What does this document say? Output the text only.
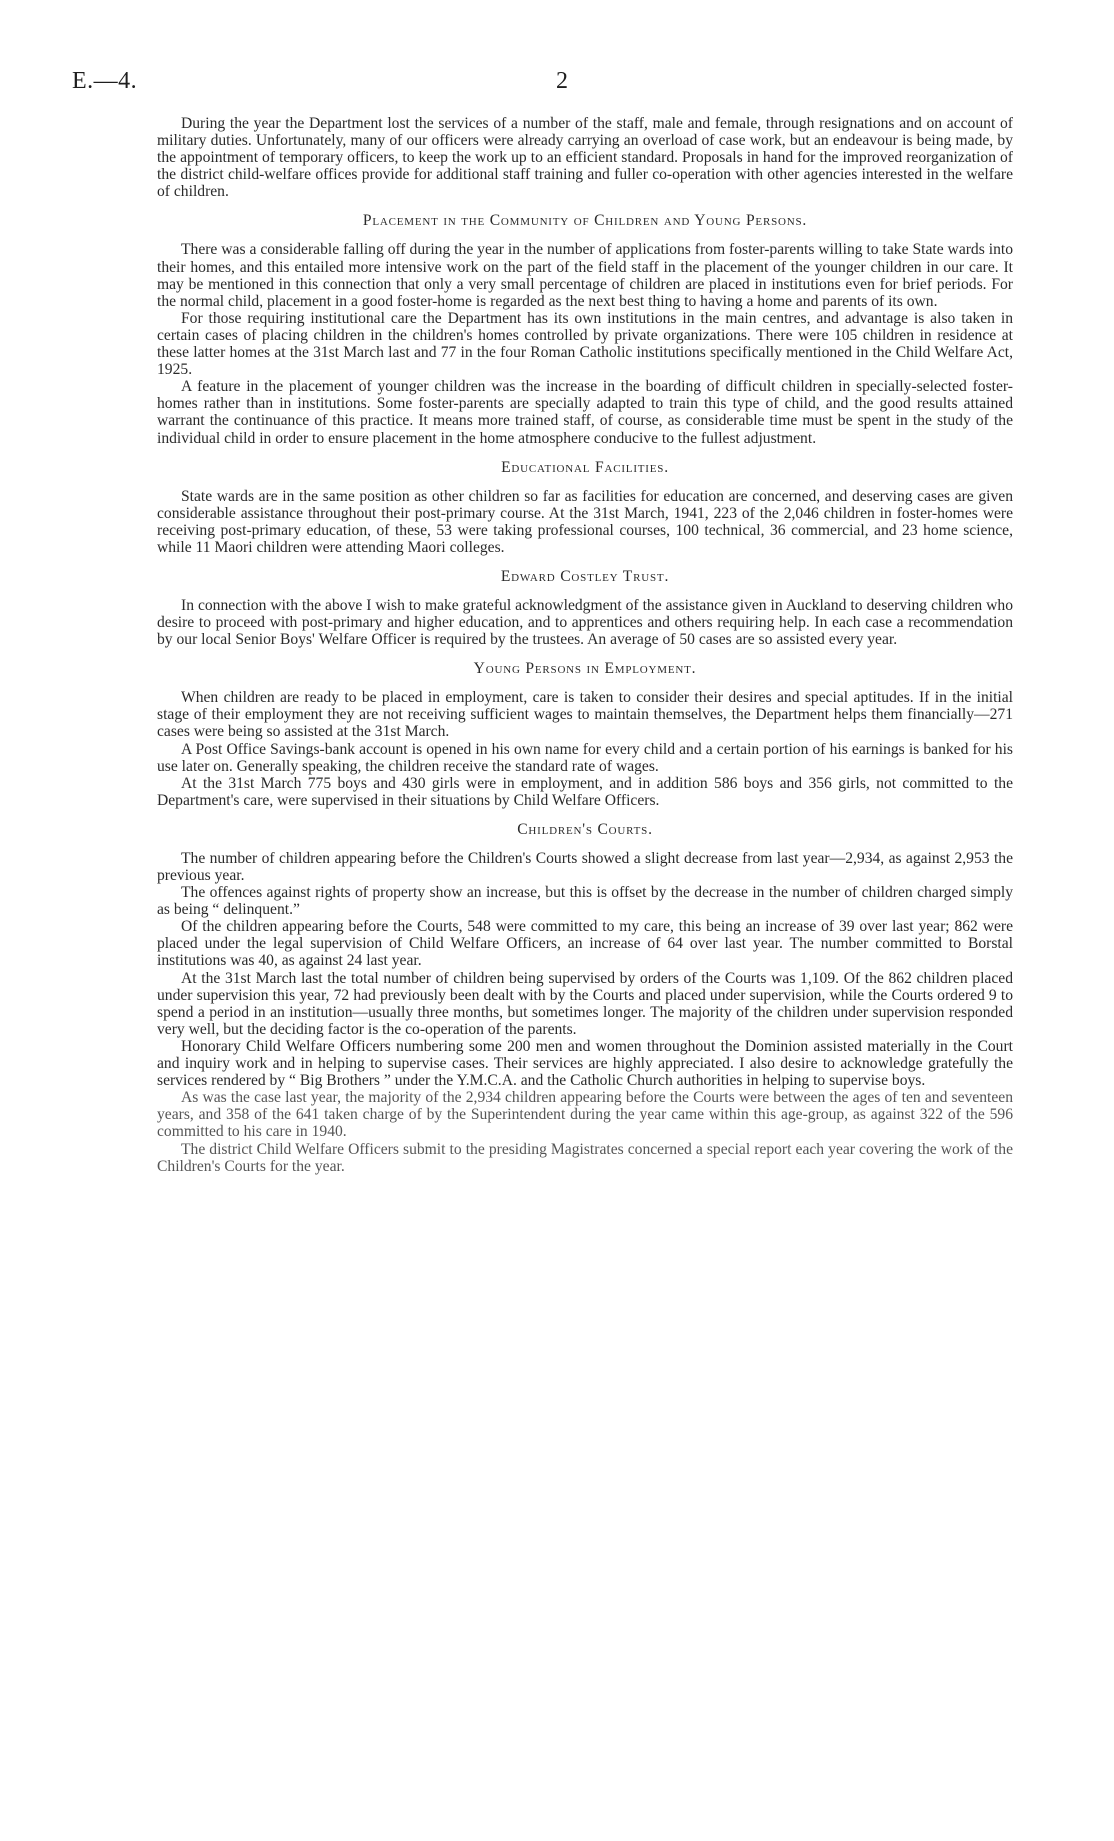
E.—4.	2

During the year the Department lost the services of a number of the staff, male and female, through resignations and on account of military duties. Unfortunately, many of our officers were already carrying an overload of case work, but an endeavour is being made, by the appointment of temporary officers, to keep the work up to an efficient standard. Proposals in hand for the improved reorganization of the district child-welfare offices provide for additional staff training and fuller co-operation with other agencies interested in the welfare of children.

Placement in the Community of Children and Young Persons.

There was a considerable falling off during the year in the number of applications from foster-parents willing to take State wards into their homes, and this entailed more intensive work on the part of the field staff in the placement of the younger children in our care. It may be mentioned in this connection that only a very small percentage of children are placed in institutions even for brief periods. For the normal child, placement in a good foster-home is regarded as the next best thing to having a home and parents of its own.

For those requiring institutional care the Department has its own institutions in the main centres, and advantage is also taken in certain cases of placing children in the children's homes controlled by private organizations. There were 105 children in residence at these latter homes at the 31st March last and 77 in the four Roman Catholic institutions specifically mentioned in the Child Welfare Act, 1925.

A feature in the placement of younger children was the increase in the boarding of difficult children in specially-selected foster-homes rather than in institutions. Some foster-parents are specially adapted to train this type of child, and the good results attained warrant the continuance of this practice. It means more trained staff, of course, as considerable time must be spent in the study of the individual child in order to ensure placement in the home atmosphere conducive to the fullest adjustment.

Educational Facilities.

State wards are in the same position as other children so far as facilities for education are concerned, and deserving cases are given considerable assistance throughout their post-primary course. At the 31st March, 1941, 223 of the 2,046 children in foster-homes were receiving post-primary education, of these, 53 were taking professional courses, 100 technical, 36 commercial, and 23 home science, while 11 Maori children were attending Maori colleges.

Edward Costley Trust.

In connection with the above I wish to make grateful acknowledgment of the assistance given in Auckland to deserving children who desire to proceed with post-primary and higher education, and to apprentices and others requiring help. In each case a recommendation by our local Senior Boys' Welfare Officer is required by the trustees. An average of 50 cases are so assisted every year.

Young Persons in Employment.

When children are ready to be placed in employment, care is taken to consider their desires and special aptitudes. If in the initial stage of their employment they are not receiving sufficient wages to maintain themselves, the Department helps them financially—271 cases were being so assisted at the 31st March.

A Post Office Savings-bank account is opened in his own name for every child and a certain portion of his earnings is banked for his use later on. Generally speaking, the children receive the standard rate of wages.

At the 31st March 775 boys and 430 girls were in employment, and in addition 586 boys and 356 girls, not committed to the Department's care, were supervised in their situations by Child Welfare Officers.

Children's Courts.

The number of children appearing before the Children's Courts showed a slight decrease from last year—2,934, as against 2,953 the previous year.

The offences against rights of property show an increase, but this is offset by the decrease in the number of children charged simply as being “ delinquent.”

Of the children appearing before the Courts, 548 were committed to my care, this being an increase of 39 over last year; 862 were placed under the legal supervision of Child Welfare Officers, an increase of 64 over last year. The number committed to Borstal institutions was 40, as against 24 last year.

At the 31st March last the total number of children being supervised by orders of the Courts was 1,109. Of the 862 children placed under supervision this year, 72 had previously been dealt with by the Courts and placed under supervision, while the Courts ordered 9 to spend a period in an institution—usually three months, but sometimes longer. The majority of the children under supervision responded very well, but the deciding factor is the co-operation of the parents.

Honorary Child Welfare Officers numbering some 200 men and women throughout the Dominion assisted materially in the Court and inquiry work and in helping to supervise cases. Their services are highly appreciated. I also desire to acknowledge gratefully the services rendered by “ Big Brothers ” under the Y.M.C.A. and the Catholic Church authorities in helping to supervise boys.

As was the case last year, the majority of the 2,934 children appearing before the Courts were between the ages of ten and seventeen years, and 358 of the 641 taken charge of by the Superintendent during the year came within this age-group, as against 322 of the 596 committed to his care in 1940.

The district Child Welfare Officers submit to the presiding Magistrates concerned a special report each year covering the work of the Children's Courts for the year.
